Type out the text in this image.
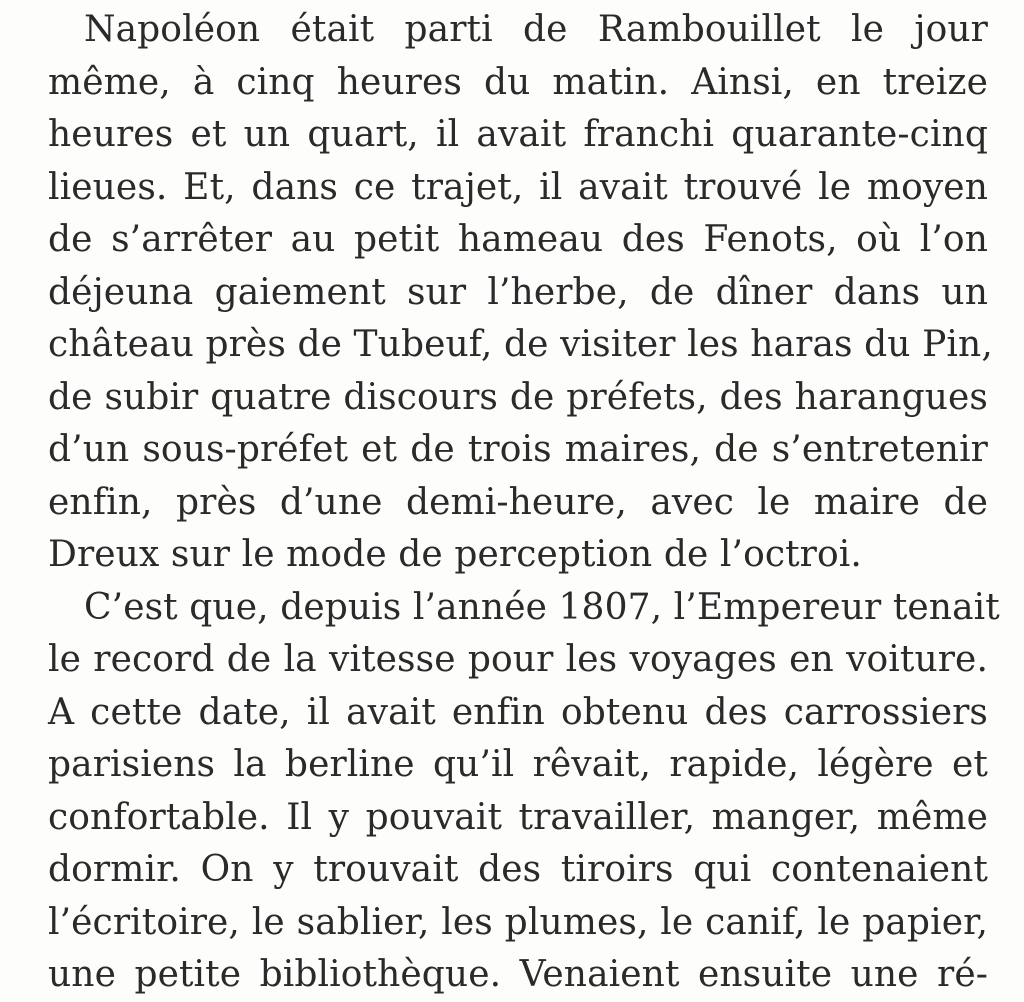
Napoléon était parti de Rambouillet le jour
même, à cinq heures du matin. Ainsi, en treize
heures et un quart, il avait franchi quarante-cinq
lieues. Et, dans ce trajet, il avait trouvé le moyen
de s’arrêter au petit hameau des Fenots, où l’on
déjeuna gaiement sur l’herbe, de dîner dans un
château près de Tubeuf, de visiter les haras du Pin,
de subir quatre discours de préfets, des harangues
d’un sous-préfet et de trois maires, de s’entretenir
enfin, près d’une demi-heure, avec le maire de
Dreux sur le mode de perception de l’octroi.
C’est que, depuis l’année 1807, l’Empereur tenait
le record de la vitesse pour les voyages en voiture.
A cette date, il avait enfin obtenu des carrossiers
parisiens la berline qu’il rêvait, rapide, légère et
confortable. Il y pouvait travailler, manger, même
dormir. On y trouvait des tiroirs qui contenaient
l’écritoire, le sablier, les plumes, le canif, le papier,
une petite bibliothèque. Venaient ensuite une ré-
